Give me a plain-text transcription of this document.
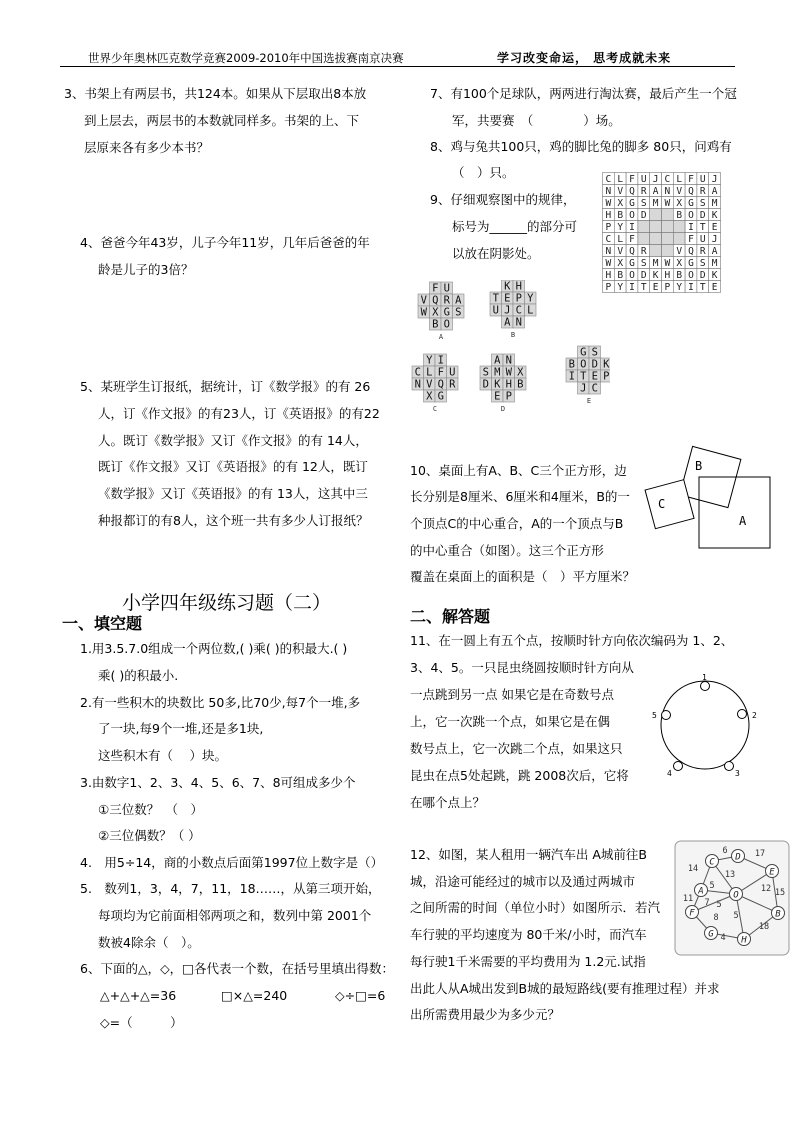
世界少年奥林匹克数学竞赛2009-2010年中国选拔赛南京决赛	学习改变命运， 思考成就未来
3、书架上有两层书，共124本。如果从下层取出8本放
到上层去，两层书的本数就同样多。书架的上、下
层原来各有多少本书？
4、爸爸今年43岁，儿子今年11岁，几年后爸爸的年
龄是儿子的3倍？
5、某班学生订报纸，据统计，订《数学报》的有 26
人，订《作文报》的有23人，订《英语报》的有22
人。既订《数学报》又订《作文报》的有 14人，
既订《作文报》又订《英语报》的有 12人，既订
《数学报》又订《英语报》的有 13人，这其中三
种报都订的有8人，这个班一共有多少人订报纸？
小学四年级练习题（二）
一、填空题
1.用3.5.7.0组成一个两位数,( )乘( )的积最大.( )
乘( )的积最小.
2.有一些积木的块数比 50多,比70少,每7个一堆,多
了一块,每9个一堆,还是多1块,
这些积木有（　 ）块。
3.由数字1、2、3、4、5、6、7、8可组成多少个
①三位数？　（　）
②三位偶数？（ ）
4.　用5÷14，商的小数点后面第1997位上数字是（）
5.　数列1，3，4，7，11，18……，从第三项开始，
每项均为它前面相邻两项之和，数列中第 2001个
数被4除余（　）。
6、下面的△，◇，□各代表一个数，在括号里填出得数：
△+△+△=36	□×△=240	◇÷□=6
◇=（　　　）
7、有100个足球队，两两进行淘汰赛，最后产生一个冠
军，共要赛　（　　　　）场。
8、鸡与兔共100只，鸡的脚比兔的脚多 80只，问鸡有
（　）只。
9、仔细观察图中的规律，
标号为______的部分可
以放在阴影处。
C L F U J C L F U J
N V Q R A N V Q R A
W X G S M W X G S M
H B O D	B O D K
P Y I	I T E
C L F	F U J
N V Q R	V Q R A
W X G S M W X G S M
H B O D K H B O D K
P Y I T E P Y I T E
F U
V Q R A
W X G S
B O
A
K H
T E P Y
U J C L
A N
B
Y I
C L F U
N V Q R
X G
C
A N
S M W X
D K H B
E P
D
G S
B O D K
I T E P
J C
E
10、桌面上有A、B、C三个正方形，边
长分别是8厘米、6厘米和4厘米，B的一
个顶点C的中心重合，A的一个顶点与B
的中心重合（如图）。这三个正方形
覆盖在桌面上的面积是（　）平方厘米？
A
B
C
二、解答题
11、在一圆上有五个点，按顺时针方向依次编码为 1、2、
3、4、5。一只昆虫绕圆按顺时针方向从
一点跳到另一点 如果它是在奇数号点
上，它一次跳一个点，如果它是在偶
数号点上，它一次跳二个点，如果这只
昆虫在点5处起跳，跳 2008次后，它将
在哪个点上？
1
2
3
4
5
12、如图，某人租用一辆汽车出 A城前往B
城，沿途可能经过的城市以及通过两城市
之间所需的时间（单位小时）如图所示．若汽
车行驶的平均速度为 80千米/小时，而汽车
每行驶1千米需要的平均费用为 1.2元.试指
出此人从A城出发到B城的最短路线(要有推理过程）并求
出所需费用最少为多少元？
A
C D
E
O
F
G
H
B
6	17
13
14
12 15
11 7 5
5
8
18
4
5
